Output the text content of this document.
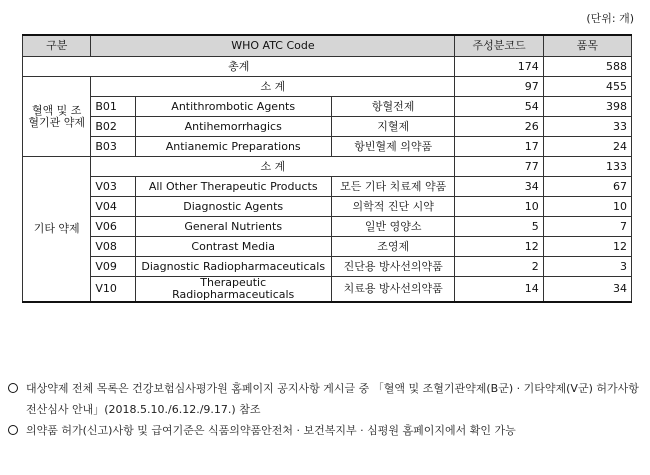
(단위: 개)
구분	WHO ATC Code			주성분코드	품목
총계				174	588
혈액 및 조혈기관 약제	소 계			97	455
	B01	Antithrombotic Agents	항혈전제	54	398
	B02	Antihemorrhagics	지혈제	26	33
	B03	Antianemic Preparations	항빈혈제 의약품	17	24
기타 약제	소 계			77	133
	V03	All Other Therapeutic Products	모든 기타 치료제 약품	34	67
	V04	Diagnostic Agents	의학적 진단 시약	10	10
	V06	General Nutrients	일반 영양소	5	7
	V08	Contrast Media	조영제	12	12
	V09	Diagnostic Radiopharmaceuticals	진단용 방사선의약품	2	3
	V10	Therapeutic Radiopharmaceuticals	치료용 방사선의약품	14	34
대상약제 전체 목록은 건강보험심사평가원 홈페이지 공지사항 게시글 중 「혈액 및 조혈기관약제(B군) · 기타약제(V군) 허가사항 전산심사 안내」(2018.5.10./6.12./9.17.) 참조
의약품 허가(신고)사항 및 급여기준은 식품의약품안전처 · 보건복지부 · 심평원 홈페이지에서 확인 가능
